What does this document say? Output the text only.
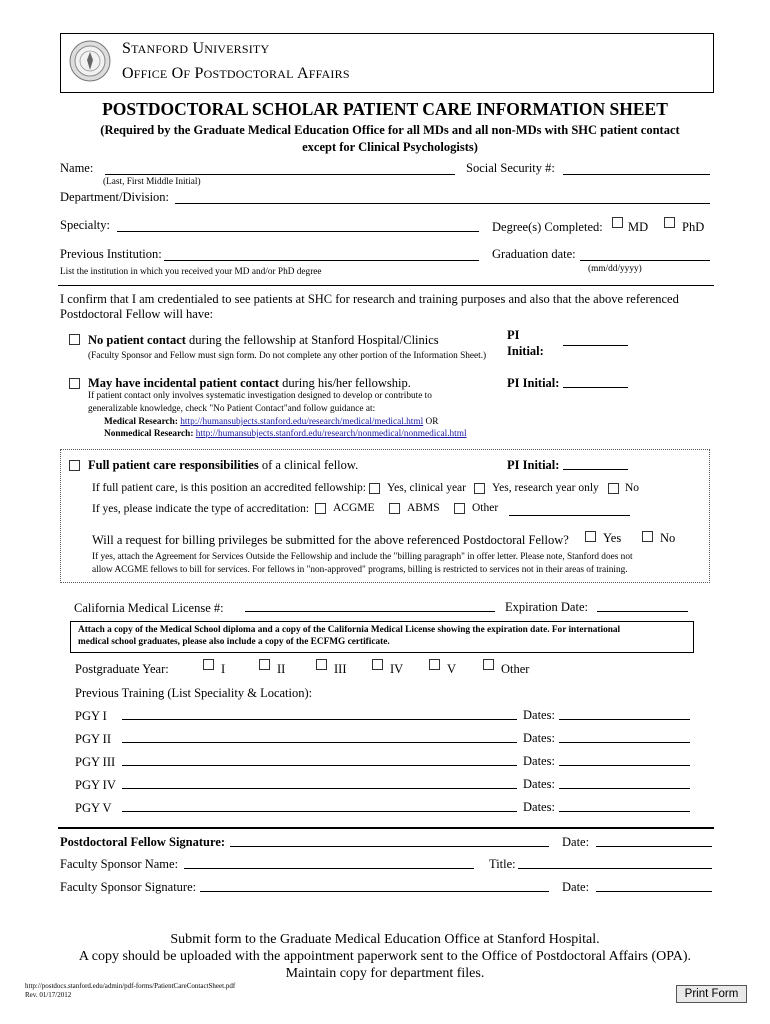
STANFORD UNIVERSITY
OFFICE OF POSTDOCTORAL AFFAIRS
POSTDOCTORAL SCHOLAR PATIENT CARE INFORMATION SHEET
(Required by the Graduate Medical Education Office for all MDs and all non-MDs with SHC patient contact
except for Clinical Psychologists)
Name:
(Last, First Middle Initial)
Social Security #:
Department/Division:
Specialty:	Degree(s) Completed: MD	PhD
Previous Institution:	Graduation date:
(mm/dd/yyyy)
List the institution in which you received your MD and/or PhD degree
I confirm that I am credentialed to see patients at SHC for research and training purposes and also that the above referenced
Postdoctoral Fellow will have:
No patient contact during the fellowship at Stanford Hospital/Clinics
(Faculty Sponsor and Fellow must sign form. Do not complete any other portion of the Information Sheet.)
PI
Initial:
May have incidental patient contact during his/her fellowship.	PI Initial:
If patient contact only involves systematic investigation designed to develop or contribute to
generalizable knowledge, check "No Patient Contact"and follow guidance at:
Medical Research: http://humansubjects.stanford.edu/research/medical/medical.html OR
Nonmedical Research: http://humansubjects.stanford.edu/research/nonmedical/nonmedical.html
Full patient care responsibilities of a clinical fellow.	PI Initial:
If full patient care, is this position an accredited fellowship: Yes, clinical year Yes, research year only No
If yes, please indicate the type of accreditation: ACGME	ABMS	Other
Will a request for billing privileges be submitted for the above referenced Postdoctoral Fellow?	Yes	No
If yes, attach the Agreement for Services Outside the Fellowship and include the "billing paragraph" in offer letter. Please note, Stanford does not
allow ACGME fellows to bill for services. For fellows in "non-approved" programs, billing is restricted to services not in their areas of training.
California Medical License #:	Expiration Date:
Attach a copy of the Medical School diploma and a copy of the California Medical License showing the expiration date. For international
medical school graduates, please also include a copy of the ECFMG certificate.
Postgraduate Year:	I	II	III	IV	V	Other
Previous Training (List Speciality & Location):
PGY I	Dates:
PGY II	Dates:
PGY III	Dates:
PGY IV	Dates:
PGY V	Dates:
Postdoctoral Fellow Signature:	Date:
Faculty Sponsor Name:	Title:
Faculty Sponsor Signature:	Date:
Submit form to the Graduate Medical Education Office at Stanford Hospital.
A copy should be uploaded with the appointment paperwork sent to the Office of Postdoctoral Affairs (OPA).
Maintain copy for department files.
http://postdocs.stanford.edu/admin/pdf-forms/PatientCareContactSheet.pdf
Rev. 01/17/2012	Print Form
